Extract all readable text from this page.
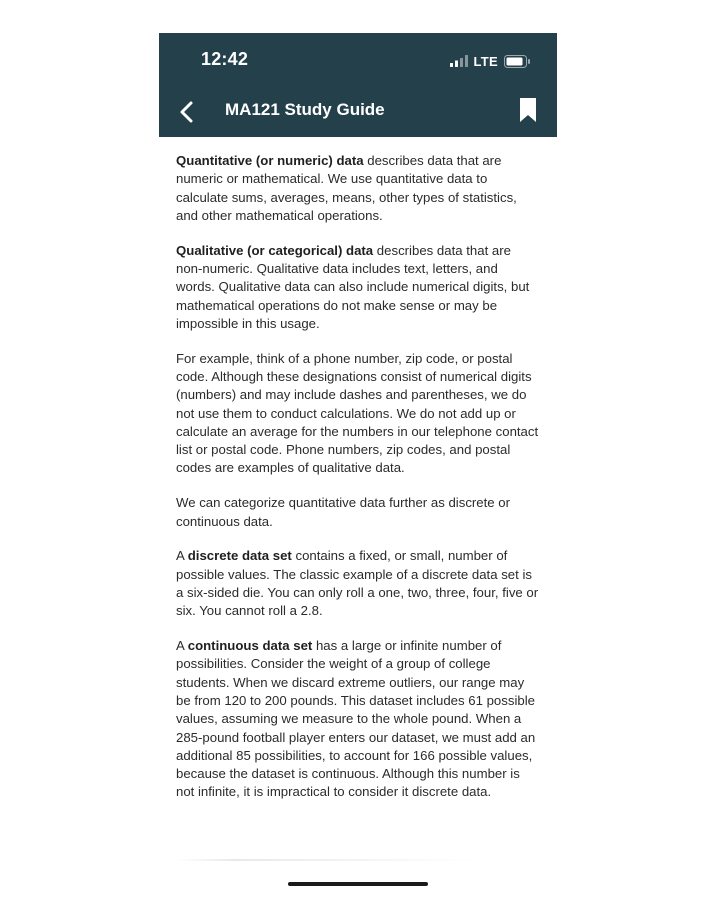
12:42	LTE
MA121 Study Guide

Quantitative (or numeric) data describes data that are numeric or mathematical. We use quantitative data to calculate sums, averages, means, other types of statistics, and other mathematical operations.

Qualitative (or categorical) data describes data that are non-numeric. Qualitative data includes text, letters, and words. Qualitative data can also include numerical digits, but mathematical operations do not make sense or may be impossible in this usage.

For example, think of a phone number, zip code, or postal code. Although these designations consist of numerical digits (numbers) and may include dashes and parentheses, we do not use them to conduct calculations. We do not add up or calculate an average for the numbers in our telephone contact list or postal code. Phone numbers, zip codes, and postal codes are examples of qualitative data.

We can categorize quantitative data further as discrete or continuous data.

A discrete data set contains a fixed, or small, number of possible values. The classic example of a discrete data set is a six-sided die. You can only roll a one, two, three, four, five or six. You cannot roll a 2.8.

A continuous data set has a large or infinite number of possibilities. Consider the weight of a group of college students. When we discard extreme outliers, our range may be from 120 to 200 pounds. This dataset includes 61 possible values, assuming we measure to the whole pound. When a 285-pound football player enters our dataset, we must add an additional 85 possibilities, to account for 166 possible values, because the dataset is continuous. Although this number is not infinite, it is impractical to consider it discrete data.
